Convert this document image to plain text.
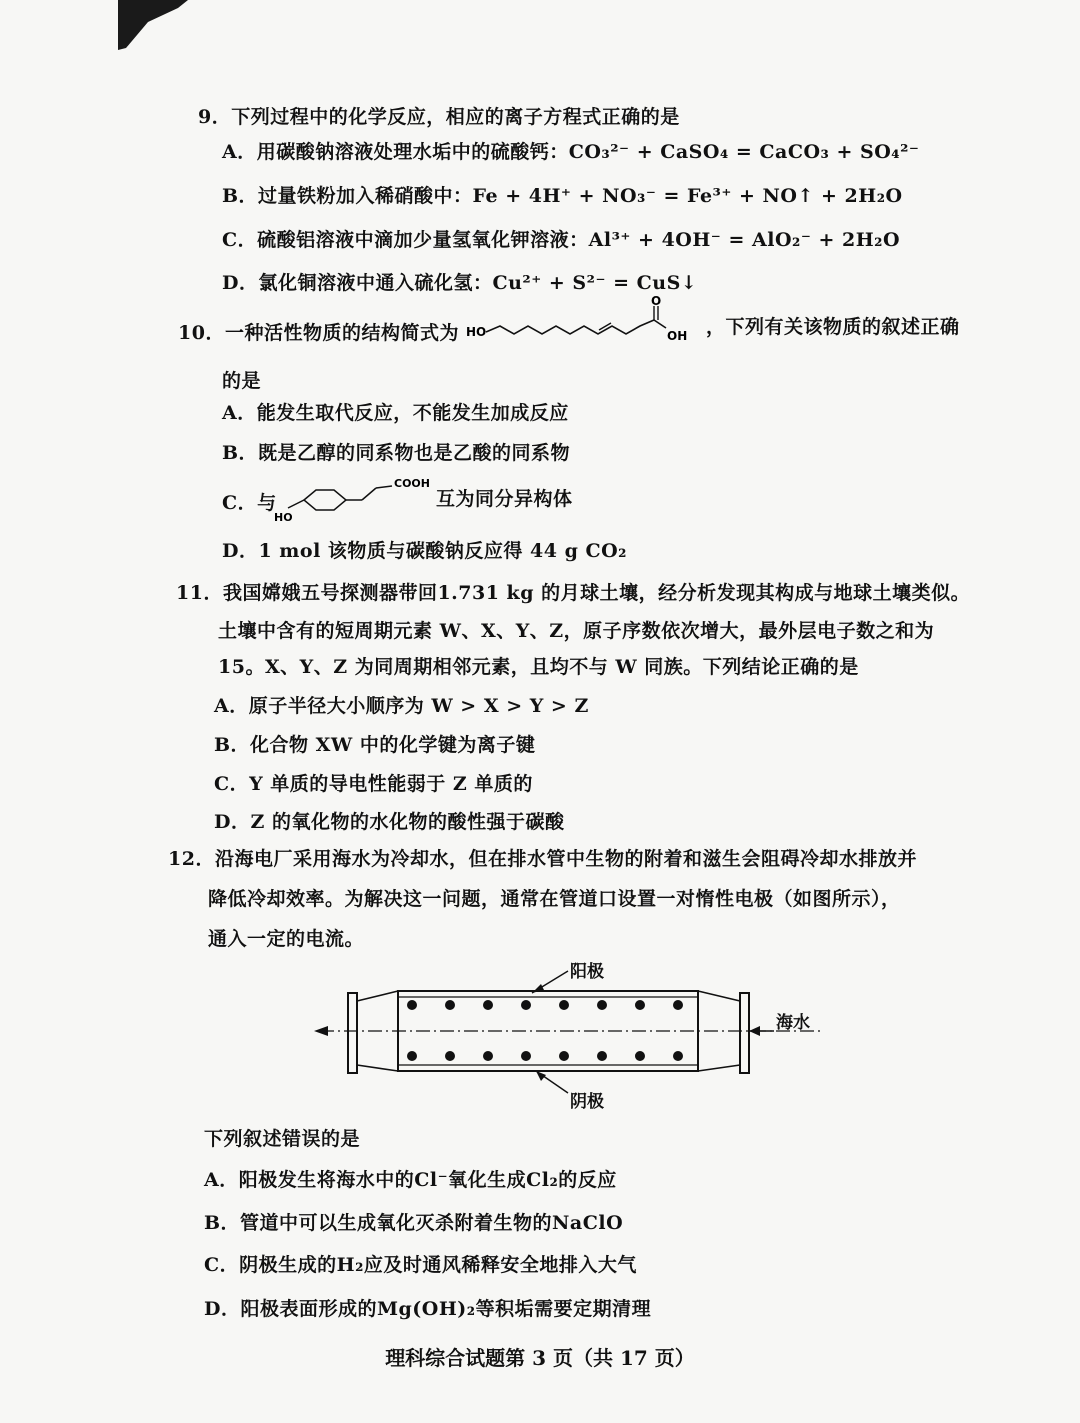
9．下列过程中的化学反应，相应的离子方程式正确的是
A．用碳酸钠溶液处理水垢中的硫酸钙：CO₃²⁻ + CaSO₄ = CaCO₃ + SO₄²⁻
B．过量铁粉加入稀硝酸中：Fe + 4H⁺ + NO₃⁻ = Fe³⁺ + NO↑ + 2H₂O
C．硫酸铝溶液中滴加少量氢氧化钾溶液：Al³⁺ + 4OH⁻ = AlO₂⁻ + 2H₂O
D．氯化铜溶液中通入硫化氢：Cu²⁺ + S²⁻ = CuS↓
10．一种活性物质的结构简式为 HO
O
OH ，下列有关该物质的叙述正确
的是
A．能发生取代反应，不能发生加成反应
B．既是乙醇的同系物也是乙酸的同系物
C．与
HO
COOH
互为同分异构体
D．1 mol 该物质与碳酸钠反应得 44 g CO₂
11．我国嫦娥五号探测器带回1.731 kg 的月球土壤，经分析发现其构成与地球土壤类似。
土壤中含有的短周期元素 W、X、Y、Z，原子序数依次增大，最外层电子数之和为
15。X、Y、Z 为同周期相邻元素，且均不与 W 同族。下列结论正确的是
A．原子半径大小顺序为 W > X > Y > Z
B．化合物 XW 中的化学键为离子键
C．Y 单质的导电性能弱于 Z 单质的
D．Z 的氧化物的水化物的酸性强于碳酸
12．沿海电厂采用海水为冷却水，但在排水管中生物的附着和滋生会阻碍冷却水排放并
降低冷却效率。为解决这一问题，通常在管道口设置一对惰性电极（如图所示），
通入一定的电流。
阳极
阴极
海水
下列叙述错误的是
A．阳极发生将海水中的Cl⁻氧化生成Cl₂的反应
B．管道中可以生成氧化灭杀附着生物的NaClO
C．阴极生成的H₂应及时通风稀释安全地排入大气
D．阳极表面形成的Mg(OH)₂等积垢需要定期清理
理科综合试题第 3 页（共 17 页）
